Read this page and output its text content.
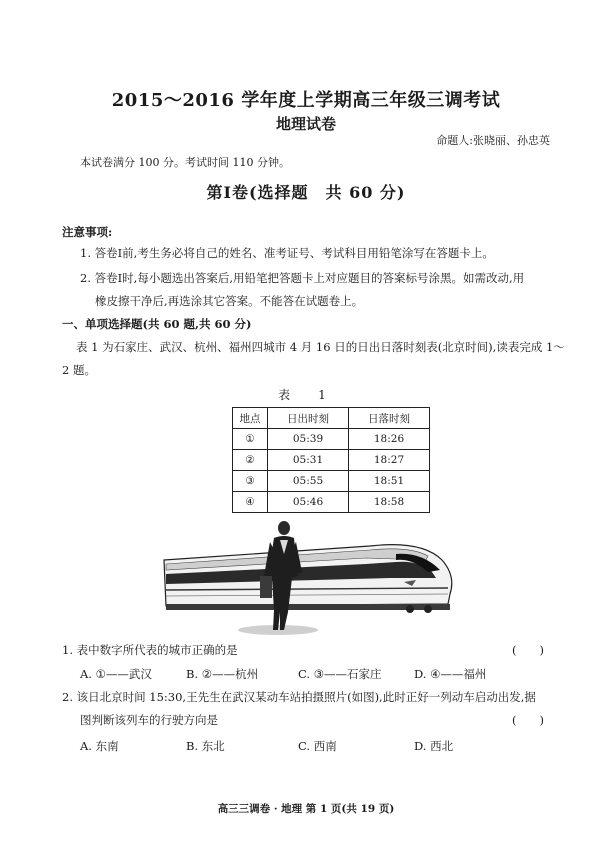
2015～2016 学年度上学期高三年级三调考试
地理试卷
命题人:张晓丽、孙忠英
本试卷满分 100 分。考试时间 110 分钟。
第Ⅰ卷(选择题　共 60 分)
注意事项:
1. 答卷Ⅰ前,考生务必将自己的姓名、准考证号、考试科目用铅笔涂写在答题卡上。
2. 答卷Ⅰ时,每小题选出答案后,用铅笔把答题卡上对应题目的答案标号涂黑。如需改动,用
橡皮擦干净后,再选涂其它答案。不能答在试题卷上。
一、单项选择题(共 60 题,共 60 分)
表 1 为石家庄、武汉、杭州、福州四城市 4 月 16 日的日出日落时刻表(北京时间),读表完成 1～
2 题。
表　1
地点	日出时刻	日落时刻
①	05:39	18:26
②	05:31	18:27
③	05:55	18:51
④	05:46	18:58
1. 表中数字所代表的城市正确的是	(　　)
A. ①——武汉	B. ②——杭州	C. ③——石家庄	D. ④——福州
2. 该日北京时间 15:30,王先生在武汉某动车站拍摄照片(如图),此时正好一列动车启动出发,据
图判断该列车的行驶方向是	(　　)
A. 东南	B. 东北	C. 西南	D. 西北
高三三调卷 · 地理 第 1 页(共 19 页)
